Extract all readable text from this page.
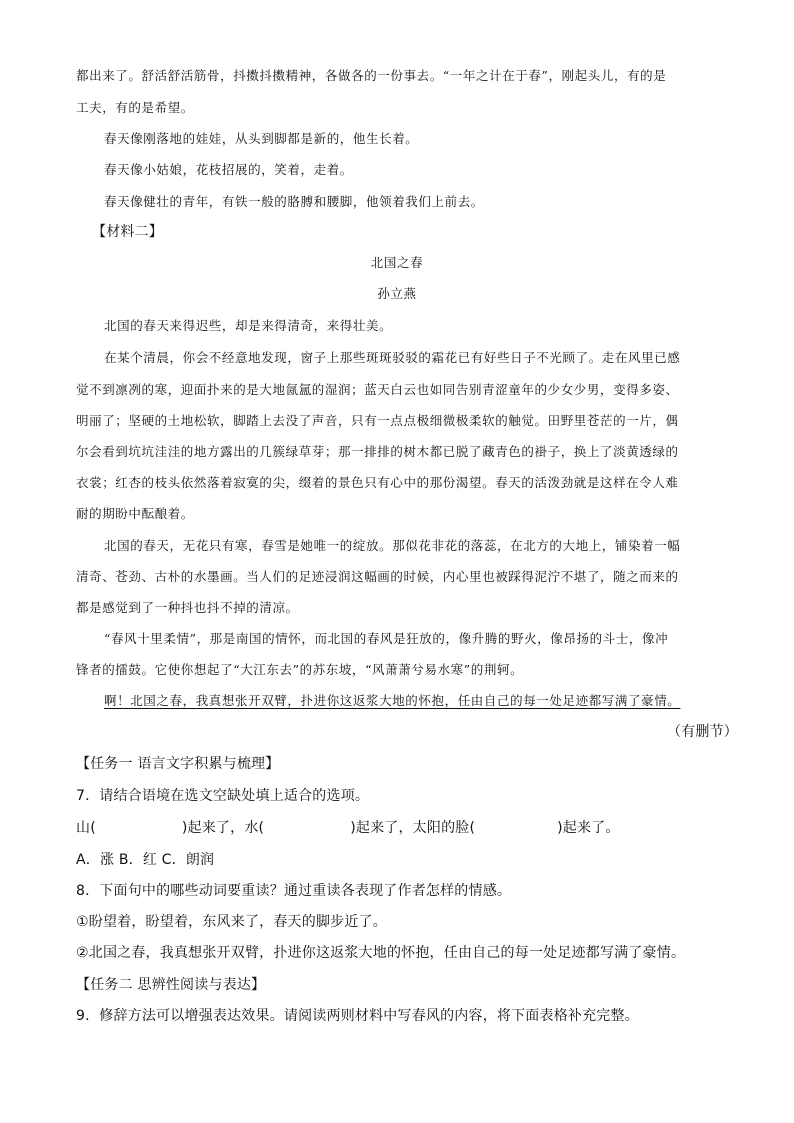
都出来了。舒活舒活筋骨，抖擞抖擞精神，各做各的一份事去。“一年之计在于春”，刚起头儿，有的是
工夫，有的是希望。
春天像刚落地的娃娃，从头到脚都是新的，他生长着。
春天像小姑娘，花枝招展的，笑着，走着。
春天像健壮的青年，有铁一般的胳膊和腰脚，他领着我们上前去。
【材料二】
北国之春
孙立燕
北国的春天来得迟些，却是来得清奇，来得壮美。
在某个清晨，你会不经意地发现，窗子上那些斑斑驳驳的霜花已有好些日子不光顾了。走在风里已感
觉不到凛冽的寒，迎面扑来的是大地氤氲的湿润；蓝天白云也如同告别青涩童年的少女少男，变得多姿、
明丽了；坚硬的土地松软，脚踏上去没了声音，只有一点点极细微极柔软的触觉。田野里苍茫的一片，偶
尔会看到坑坑洼洼的地方露出的几簇绿草芽；那一排排的树木都已脱了藏青色的褂子，换上了淡黄透绿的
衣裳；红杏的枝头依然落着寂寞的尖，缀着的景色只有心中的那份渴望。春天的活泼劲就是这样在令人难
耐的期盼中酝酿着。
北国的春天，无花只有寒，春雪是她唯一的绽放。那似花非花的落蕊，在北方的大地上，铺染着一幅
清奇、苍劲、古朴的水墨画。当人们的足迹浸润这幅画的时候，内心里也被踩得泥泞不堪了，随之而来的
都是感觉到了一种抖也抖不掉的清凉。
“春风十里柔情”，那是南国的情怀，而北国的春风是狂放的，像升腾的野火，像昂扬的斗士，像冲
锋者的擂鼓。它使你想起了“大江东去”的苏东坡，“风萧萧兮易水寒”的荆轲。
啊！北国之春，我真想张开双臂，扑进你这返浆大地的怀抱，任由自己的每一处足迹都写满了豪情。
（有删节）
【任务一 语言文字积累与梳理】
7．请结合语境在选文空缺处填上适合的选项。
山(	)起来了，水(	)起来了，太阳的脸(	)起来了。
A．涨 B．红 C．朗润
8．下面句中的哪些动词要重读？通过重读各表现了作者怎样的情感。
①盼望着，盼望着，东风来了，春天的脚步近了。
②北国之春，我真想张开双臂，扑进你这返浆大地的怀抱，任由自己的每一处足迹都写满了豪情。
【任务二 思辨性阅读与表达】
9．修辞方法可以增强表达效果。请阅读两则材料中写春风的内容，将下面表格补充完整。
